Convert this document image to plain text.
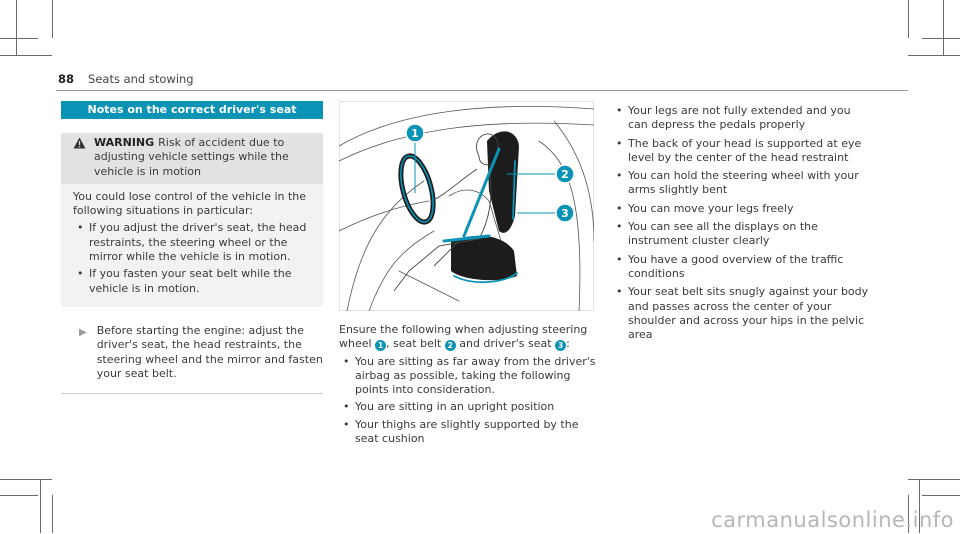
88 Seats and stowing
Notes on the correct driver's seat position
WARNING Risk of accident due to adjusting vehicle settings while the vehicle is in motion
You could lose control of the vehicle in the following situations in particular:
• If you adjust the driver's seat, the head restraints, the steering wheel or the mirror while the vehicle is in motion.
• If you fasten your seat belt while the vehicle is in motion.
▶ Before starting the engine: adjust the driver's seat, the head restraints, the steering wheel and the mirror and fasten your seat belt.
1
2
3
Ensure the following when adjusting steering wheel 1 , seat belt 2 and driver's seat 3 :
• You are sitting as far away from the driver's airbag as possible, taking the following points into consideration.
• You are sitting in an upright position
• Your thighs are slightly supported by the seat cushion
• Your legs are not fully extended and you can depress the pedals properly
• The back of your head is supported at eye level by the center of the head restraint
• You can hold the steering wheel with your arms slightly bent
• You can move your legs freely
• You can see all the displays on the instrument cluster clearly
• You have a good overview of the traffic conditions
• Your seat belt sits snugly against your body and passes across the center of your shoulder and across your hips in the pelvic area
carmanualsonline.info
